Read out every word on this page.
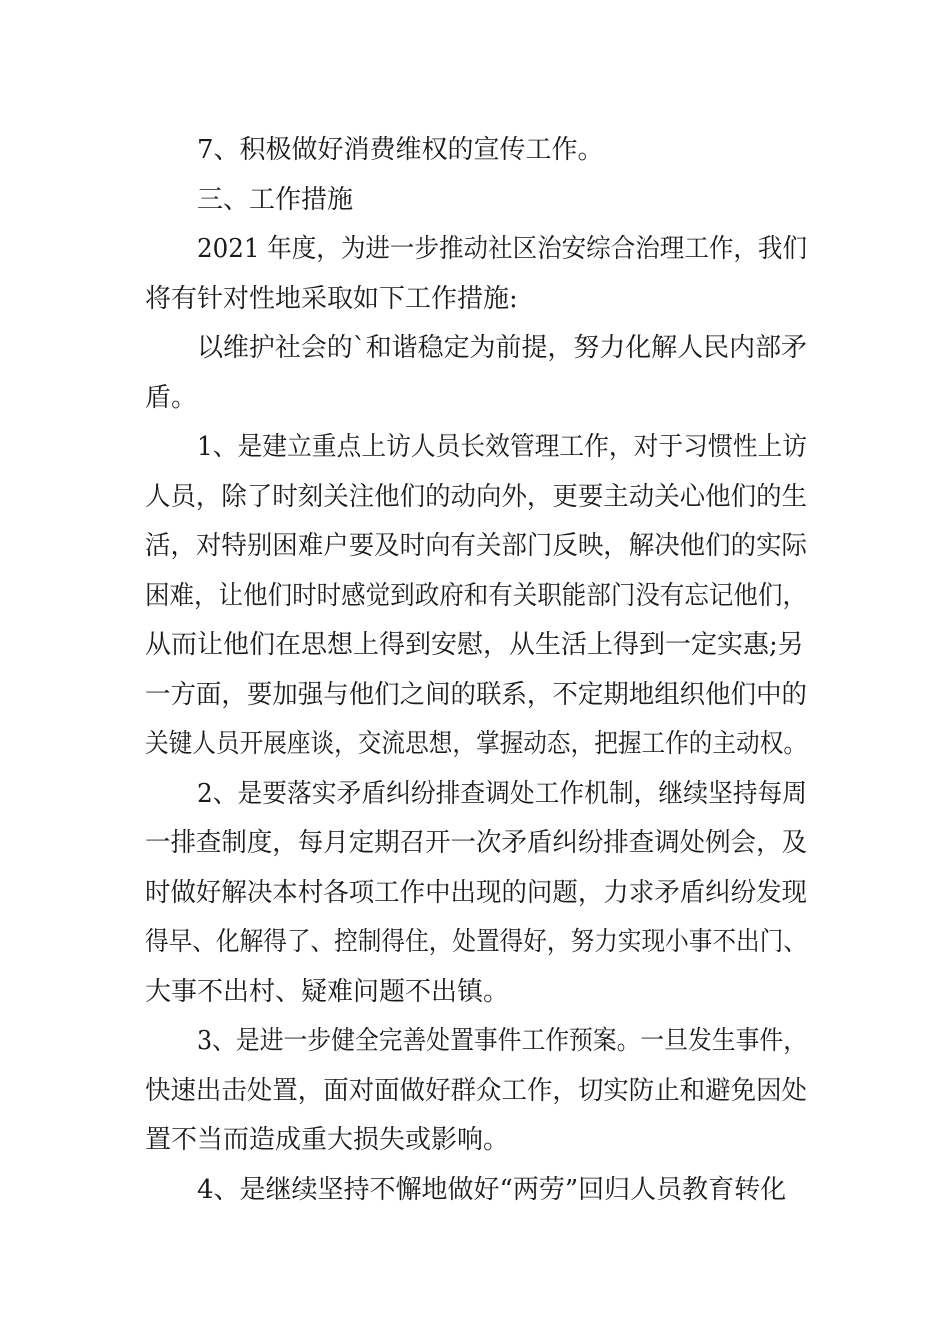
7、积极做好消费维权的宣传工作。
三、工作措施
2021 年度，为进一步推动社区治安综合治理工作，我们
将有针对性地采取如下工作措施:
以维护社会的`和谐稳定为前提，努力化解人民内部矛
盾。
1、是建立重点上访人员长效管理工作，对于习惯性上访
人员，除了时刻关注他们的动向外，更要主动关心他们的生
活，对特别困难户要及时向有关部门反映，解决他们的实际
困难，让他们时时感觉到政府和有关职能部门没有忘记他们，
从而让他们在思想上得到安慰，从生活上得到一定实惠;另
一方面，要加强与他们之间的联系，不定期地组织他们中的
关键人员开展座谈，交流思想，掌握动态，把握工作的主动权。
2、是要落实矛盾纠纷排查调处工作机制，继续坚持每周
一排查制度，每月定期召开一次矛盾纠纷排查调处例会，及
时做好解决本村各项工作中出现的问题，力求矛盾纠纷发现
得早、化解得了、控制得住，处置得好，努力实现小事不出门、
大事不出村、疑难问题不出镇。
3、是进一步健全完善处置事件工作预案。一旦发生事件，
快速出击处置，面对面做好群众工作，切实防止和避免因处
置不当而造成重大损失或影响。
4、是继续坚持不懈地做好“两劳”回归人员教育转化
